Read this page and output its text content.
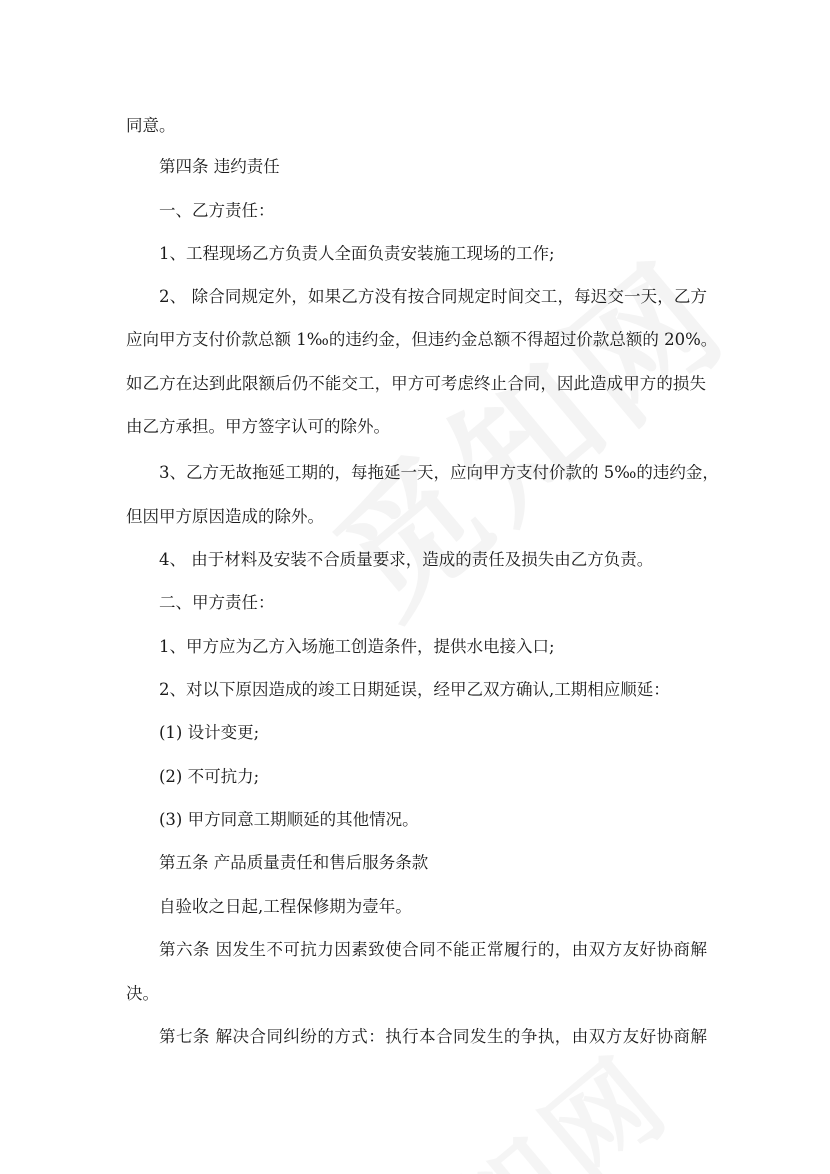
同意。

第四条 违约责任

一、乙方责任：

1、工程现场乙方负责人全面负责安装施工现场的工作;

2、 除合同规定外，如果乙方没有按合同规定时间交工，每迟交一天，乙方

应向甲方支付价款总额 1‰的违约金，但违约金总额不得超过价款总额的 20%。

如乙方在达到此限额后仍不能交工，甲方可考虑终止合同，因此造成甲方的损失

由乙方承担。甲方签字认可的除外。

3、乙方无故拖延工期的，每拖延一天，应向甲方支付价款的 5‰的违约金，

但因甲方原因造成的除外。

4、 由于材料及安装不合质量要求，造成的责任及损失由乙方负责。

二、甲方责任：

1、甲方应为乙方入场施工创造条件，提供水电接入口;

2、对以下原因造成的竣工日期延误，经甲乙双方确认,工期相应顺延：

(1) 设计变更;

(2) 不可抗力;

(3) 甲方同意工期顺延的其他情况。

第五条 产品质量责任和售后服务条款

自验收之日起,工程保修期为壹年。

第六条 因发生不可抗力因素致使合同不能正常履行的，由双方友好协商解

决。

第七条 解决合同纠纷的方式：执行本合同发生的争执，由双方友好协商解
